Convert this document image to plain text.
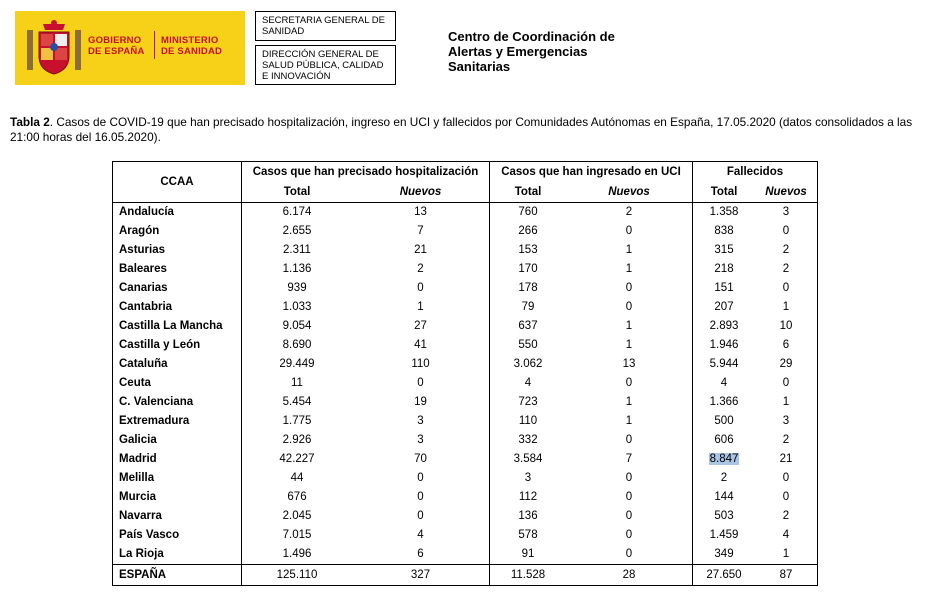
GOBIERNO
DE ESPAÑA
MINISTERIO
DE SANIDAD
SECRETARIA GENERAL DE SANIDAD
DIRECCIÓN GENERAL DE SALUD PÚBLICA, CALIDAD E INNOVACIÓN
Centro de Coordinación de
Alertas y Emergencias
Sanitarias
Tabla 2. Casos de COVID-19 que han precisado hospitalización, ingreso en UCI y fallecidos por Comunidades Autónomas en España, 17.05.2020 (datos consolidados a las 21:00 horas del 16.05.2020).
CCAA	Casos que han precisado hospitalización		Casos que han ingresado en UCI		Fallecidos	
	Total	Nuevos	Total	Nuevos	Total	Nuevos
Andalucía	6.174	13	760	2	1.358	3
Aragón	2.655	7	266	0	838	0
Asturias	2.311	21	153	1	315	2
Baleares	1.136	2	170	1	218	2
Canarias	939	0	178	0	151	0
Cantabria	1.033	1	79	0	207	1
Castilla La Mancha	9.054	27	637	1	2.893	10
Castilla y León	8.690	41	550	1	1.946	6
Cataluña	29.449	110	3.062	13	5.944	29
Ceuta	11	0	4	0	4	0
C. Valenciana	5.454	19	723	1	1.366	1
Extremadura	1.775	3	110	1	500	3
Galicia	2.926	3	332	0	606	2
Madrid	42.227	70	3.584	7	8.847	21
Melilla	44	0	3	0	2	0
Murcia	676	0	112	0	144	0
Navarra	2.045	0	136	0	503	2
País Vasco	7.015	4	578	0	1.459	4
La Rioja	1.496	6	91	0	349	1
ESPAÑA	125.110	327	11.528	28	27.650	87
